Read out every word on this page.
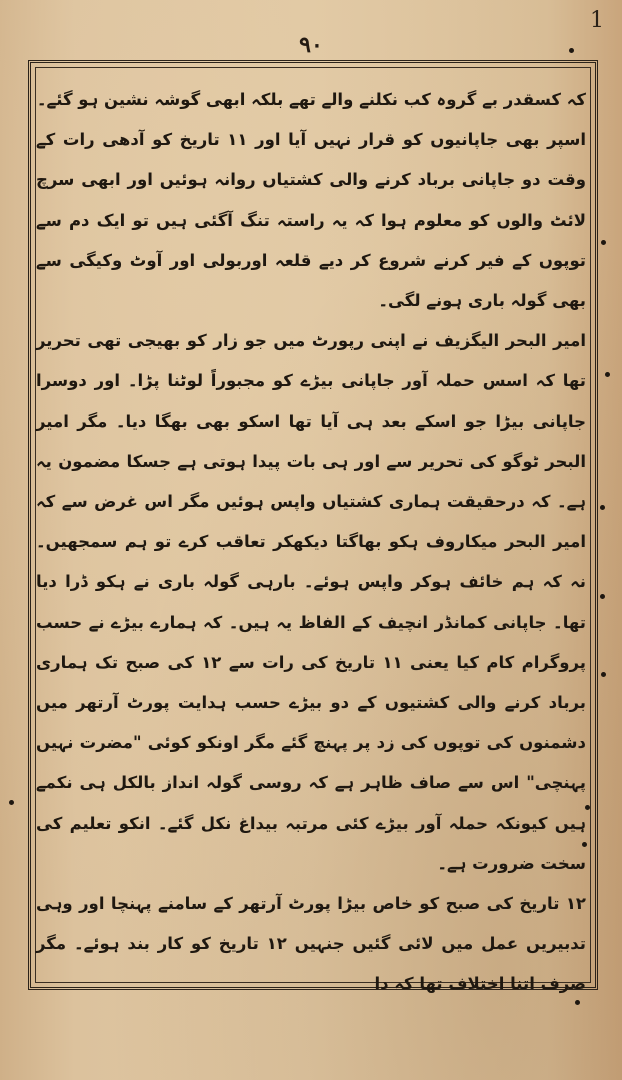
1
٩٠

کہ کسقدر بے گروہ کب نکلنے والے تھے بلکہ ابھی گوشہ نشین ہو گئے۔

اسپر بھی جاپانیوں کو قرار نہیں آیا اور ۱۱ تاریخ کو آدھی رات کے وقت دو جاپانی برباد کرنے والی کشتیاں روانہ ہوئیں اور ابھی سرچ لائٹ والوں کو معلوم ہوا کہ یہ راستہ تنگ آگئی ہیں تو ایک دم سے توپوں کے فیر کرنے شروع کر دیے قلعہ اوربولی اور آوٹ وکیگی سے بھی گولہ باری ہونے لگی۔

امیر البحر الیگزیف نے اپنی رپورٹ میں جو زار کو بھیجی تھی تحریر تھا کہ اسس حملہ آور جاپانی بیڑے کو مجبوراً لوٹنا پڑا۔ اور دوسرا جاپانی بیڑا جو اسکے بعد ہی آیا تھا اسکو بھی بھگا دیا۔ مگر امیر البحر ٹوگو کی تحریر سے اور ہی بات پیدا ہوتی ہے جسکا مضمون یہ ہے۔ کہ درحقیقت ہماری کشتیاں واپس ہوئیں مگر اس غرض سے کہ امیر البحر میکاروف ہکو بھاگتا دیکھکر تعاقب کرے تو ہم سمجھیں۔ نہ کہ ہم خائف ہوکر واپس ہوئے۔ بارہی گولہ باری نے ہکو ڈرا دیا تھا۔ جاپانی کمانڈر انچیف کے الفاظ یہ ہیں۔ کہ ہمارے بیڑے نے حسب پروگرام کام کیا یعنی ۱۱ تاریخ کی رات سے ۱۲ کی صبح تک ہماری برباد کرنے والی کشتیوں کے دو بیڑے حسب ہدایت پورٹ آرتھر میں دشمنوں کی توپوں کی زد پر پہنچ گئے مگر اونکو کوئی "مضرت نہیں پہنچی" اس سے صاف ظاہر ہے کہ روسی گولہ انداز بالکل ہی نکمے ہیں کیونکہ حملہ آور بیڑے کئی مرتبہ بیداغ نکل گئے۔ انکو تعلیم کی سخت ضرورت ہے۔

۱۲ تاریخ کی صبح کو خاص بیڑا پورٹ آرتھر کے سامنے پہنچا اور وہی تدبیریں عمل میں لائی گئیں جنہیں ۱۲ تاریخ کو کار بند ہوئے۔ مگر صرف اتنا اختلاف تھا کہ دا
